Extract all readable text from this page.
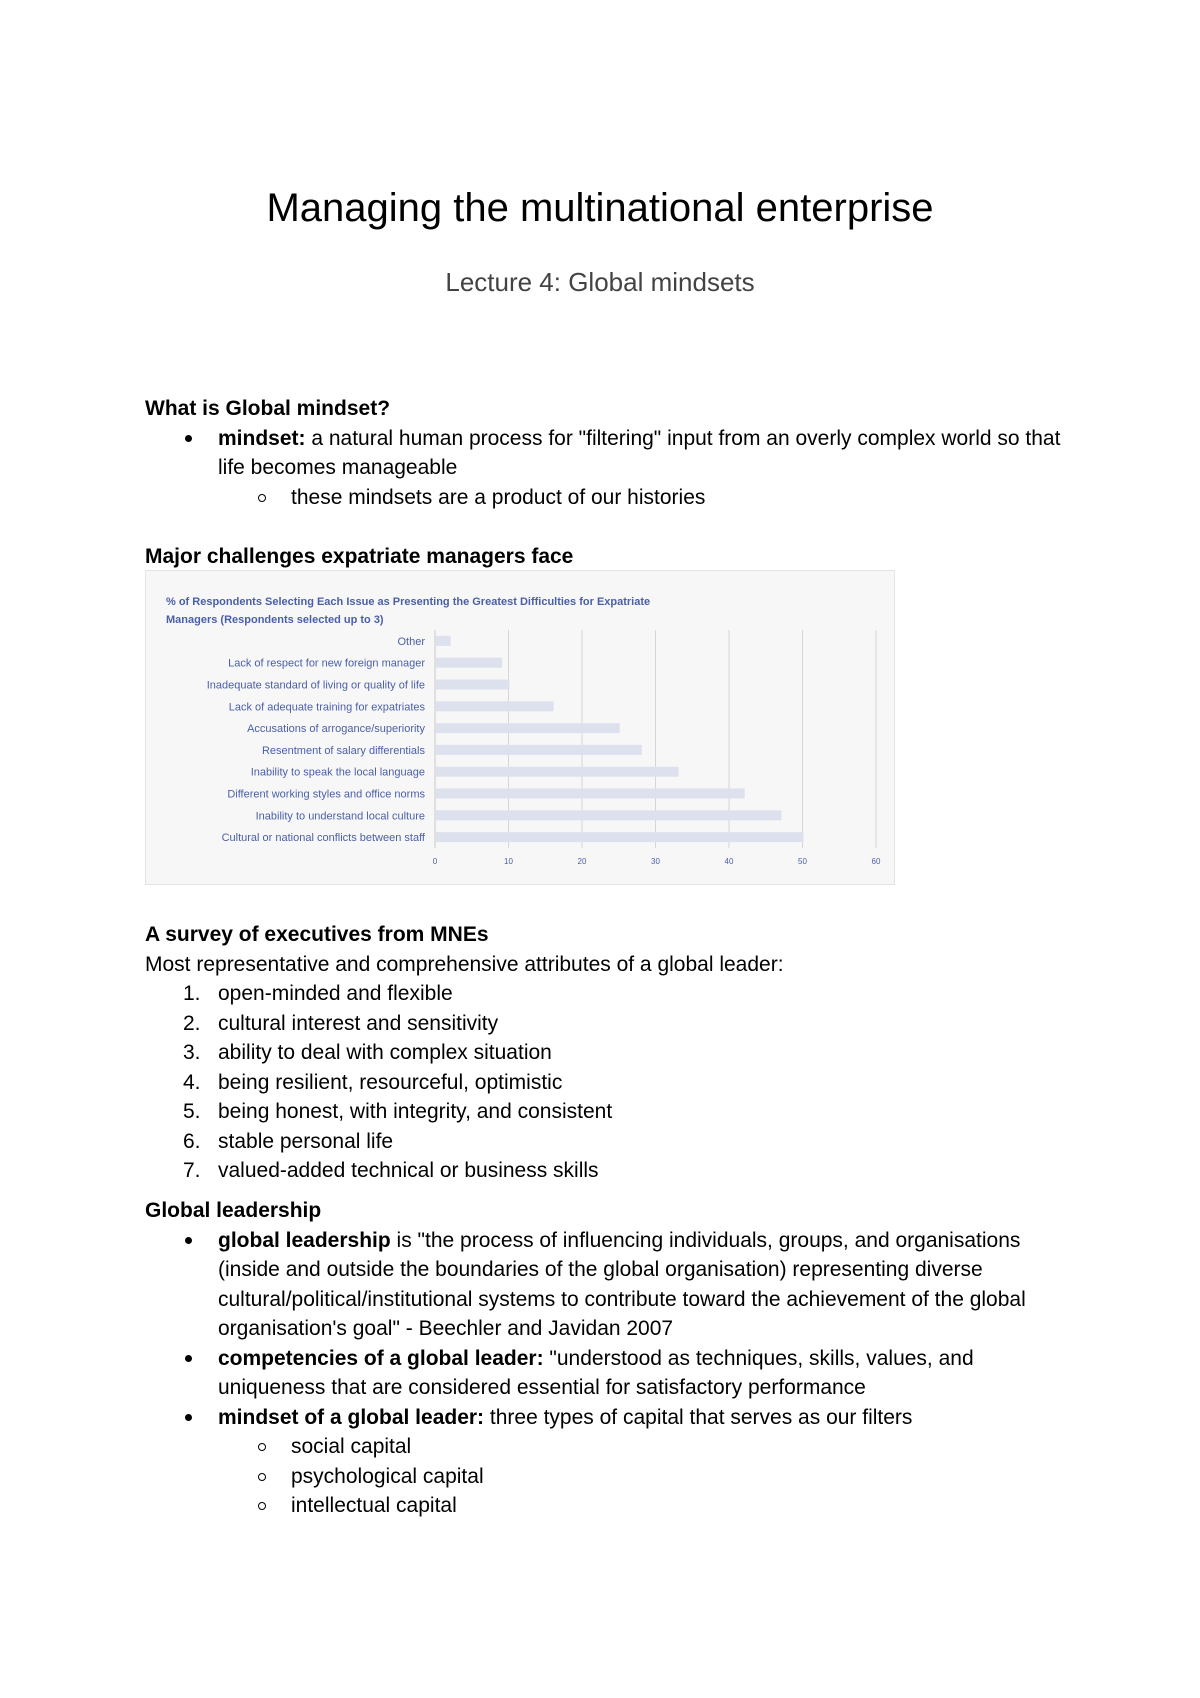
Managing the multinational enterprise
Lecture 4: Global mindsets

What is Global mindset?

mindset: a natural human process for "filtering" input from an overly complex world so that life becomes manageable
these mindsets are a product of our histories

Major challenges expatriate managers face

% of Respondents Selecting Each Issue as Presenting the Greatest Difficulties for Expatriate
Managers (Respondents selected up to 3)
0	10	20	30	40	50	60
Other
Lack of respect for new foreign manager
Inadequate standard of living or quality of life
Lack of adequate training for expatriates
Accusations of arrogance/superiority
Resentment of salary differentials
Inability to speak the local language
Different working styles and office norms
Inability to understand local culture
Cultural or national conflicts between staff

A survey of executives from MNEs

Most representative and comprehensive attributes of a global leader:

1. open-minded and flexible
2. cultural interest and sensitivity
3. ability to deal with complex situation
4. being resilient, resourceful, optimistic
5. being honest, with integrity, and consistent
6. stable personal life
7. valued-added technical or business skills

Global leadership

global leadership is "the process of influencing individuals, groups, and organisations (inside and outside the boundaries of the global organisation) representing diverse cultural/political/institutional systems to contribute toward the achievement of the global organisation's goal" - Beechler and Javidan 2007
competencies of a global leader: "understood as techniques, skills, values, and uniqueness that are considered essential for satisfactory performance
mindset of a global leader: three types of capital that serves as our filters
social capital
psychological capital
intellectual capital
